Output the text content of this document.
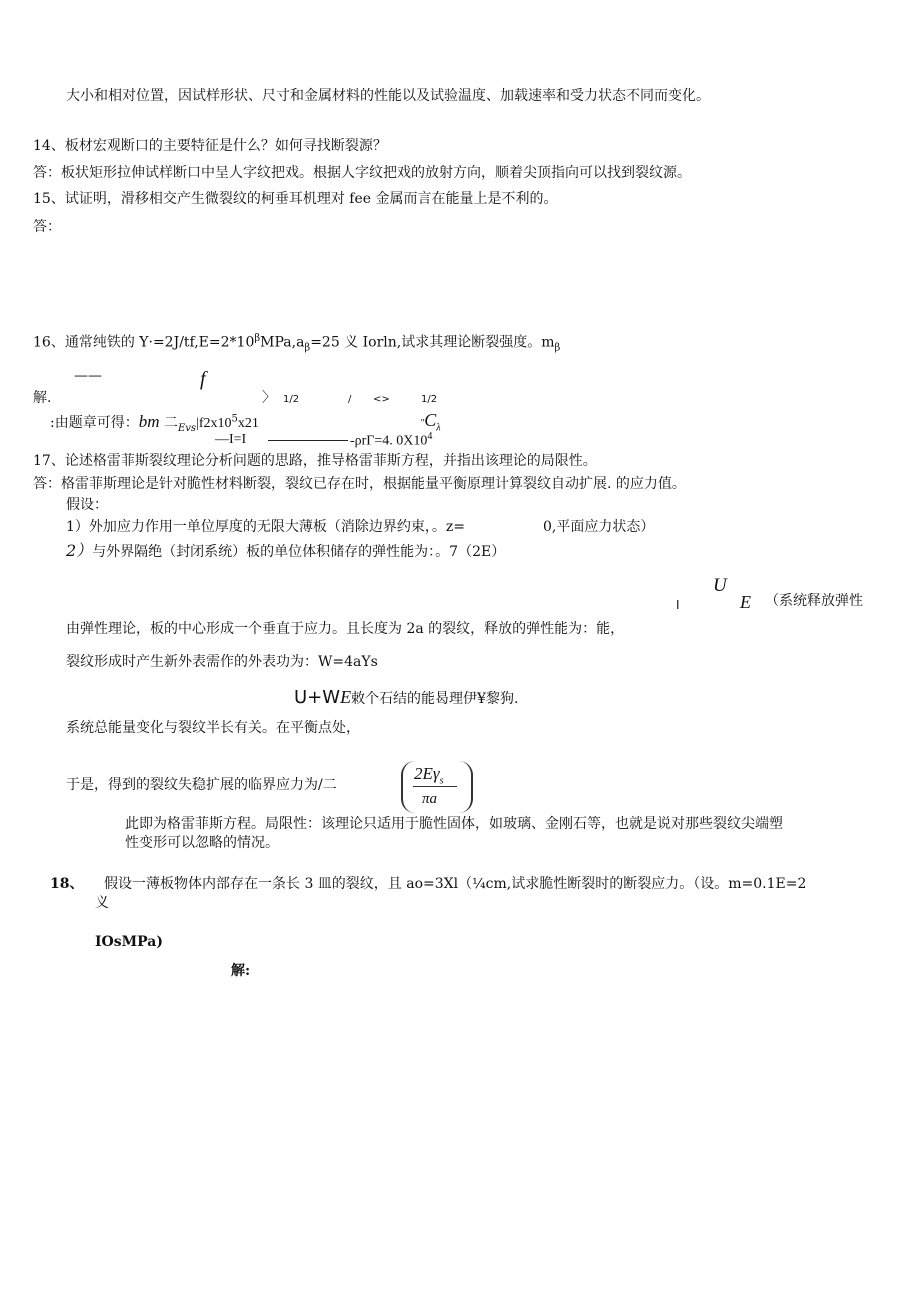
大小和相对位置，因试样形状、尺寸和金属材料的性能以及试验温度、加载速率和受力状态不同而变化。
14、板材宏观断口的主要特征是什么？如何寻找断裂源？
答：板状矩形拉伸试样断口中呈人字纹把戏。根据人字纹把戏的放射方向，顺着尖顶指向可以找到裂纹源。
15、试证明，滑移相交产生微裂纹的柯垂耳机理对 fee 金属而言在能量上是不利的。
答：
16、通常纯铁的 $Y\cdot=2J/tf,E=2*10^\beta MPa,a_\beta=25$ 义 Iorln,试求其理论断裂强度。$m_\beta$
——	f
解.	〉 1/2	/ <>	1/2
:由题章可得：bm 二$_{Evs}|f2x10^5x21$	"$C_\lambda$
—I=I	-ρrΓ=4. $0X10^4$
17、论述格雷菲斯裂纹理论分析问题的思路，推导格雷菲斯方程，并指出该理论的局限性。
答：格雷菲斯理论是针对脆性材料断裂，裂纹已存在时，根据能量平衡原理计算裂纹自动扩展. 的应力值。
假设：
1）外加应力作用一单位厚度的无限大薄板（消除边界约束，。z=	0,平面应力状态）
2）与外界隔绝（封闭系统）板的单位体积储存的弹性能为：。7（2E）
U
I	E （系统释放弹性
由弹性理论，板的中心形成一个垂直于应力。且长度为 2a 的裂纹，释放的弹性能为：能，
裂纹形成时产生新外表需作的外表功为：W=4aYs
U+WE敕个石结的能曷理伊¥黎狗.
系统总能量变化与裂纹半长有关。在平衡点处，
于是，得到的裂纹失稳扩展的临界应力为/二
$2E\gamma_s$
πa
此即为格雷菲斯方程。局限性：该理论只适用于脆性固体，如玻璃、金刚石等，也就是说对那些裂纹尖端塑
性变形可以忽略的情况。
18、 假设一薄板物体内部存在一条长 3 皿的裂纹，且 ao=3Xl（¼cm,试求脆性断裂时的断裂应力。（设。m=0.1E=2
义
IOsMPa)
解:
